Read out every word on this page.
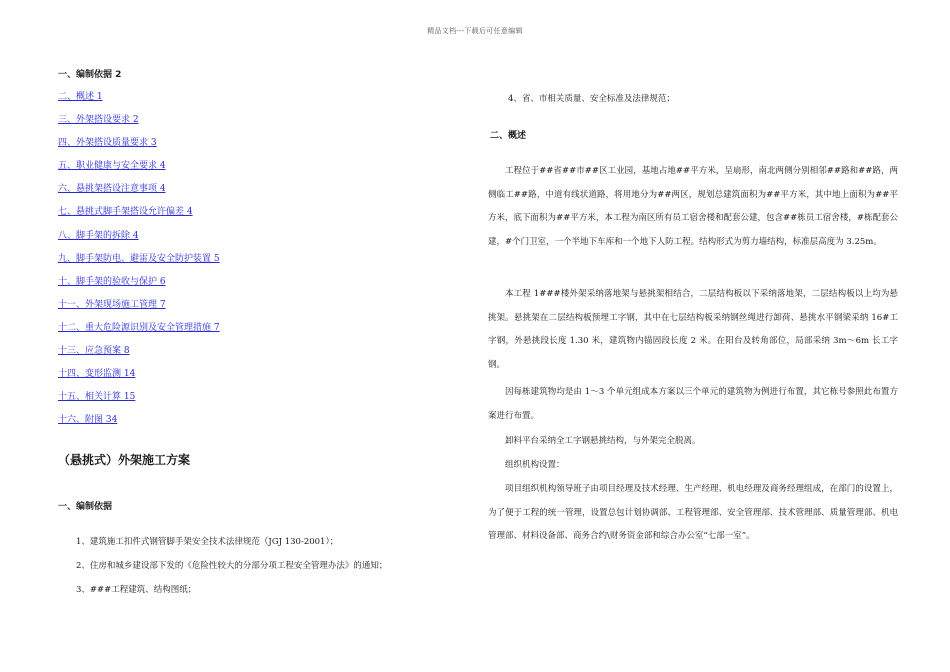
精品文档---下载后可任意编辑
一、编制依据 2
二、概述 1
三、外架搭设要求 2
四、外架搭设质量要求 3
五、职业健康与安全要求 4
六、悬挑架搭设注意事项 4
七、悬挑式脚手架搭设允许偏差 4
八、脚手架的拆除 4
九、脚手架防电、避雷及安全防护装置 5
十、脚手架的验收与保护 6
十一、外架现场施工管理 7
十二、重大危险源识别及安全管理措施 7
十三、应急预案 8
十四、变形监测 14
十五、相关计算 15
十六、附图 34
（悬挑式）外架施工方案
一、编制依据
1、建筑施工扣件式钢管脚手架安全技术法律规范（JGJ 130-2001）；
2、住房和城乡建设部下发的《危险性较大的分部分项工程安全管理办法》的通知；
3、###工程建筑、结构图纸；
4、省、市相关质量、安全标准及法律规范；
二、概述

工程位于##省##市##区工业园，基地占地##平方米，呈扇形，南北两侧分别相邻##路和##路，两侧临工##路，中道有线状道路，将用地分为##两区，规划总建筑面积为##平方米，其中地上面积为##平方米，底下面积为##平方米，本工程为南区所有员工宿舍楼和配套公建，包含##栋员工宿舍楼，#栋配套公建，#个门卫室，一个半地下车库和一个地下人防工程。结构形式为剪力墙结构，标准层高度为 3.25m。

本工程 1###楼外架采纳落地架与悬挑架相结合，二层结构板以下采纳落地架，二层结构板以上均为悬挑架。悬挑架在二层结构板预埋工字钢，其中在七层结构板采纳钢丝绳进行卸荷、悬挑水平钢梁采纳 16#工字钢，外悬挑段长度 1.30 米，建筑物内锚固段长度 2 米。在阳台及转角部位，局部采纳 3m～6m 长工字钢。

因每栋建筑物均是由 1～3 个单元组成本方案以三个单元的建筑物为例进行布置，其它栋号参照此布置方案进行布置。

卸料平台采纳全工字钢悬挑结构，与外架完全脱离。

组织机构设置：

项目组织机构领导班子由项目经理及技术经理、生产经理、机电经理及商务经理组成，在部门的设置上，为了便于工程的统一管理，设置总包计划协调部、工程管理部、安全管理部、技术管理部、质量管理部、机电管理部、材料设备部、商务合约\财务资金部和综合办公室“七部一室”。
